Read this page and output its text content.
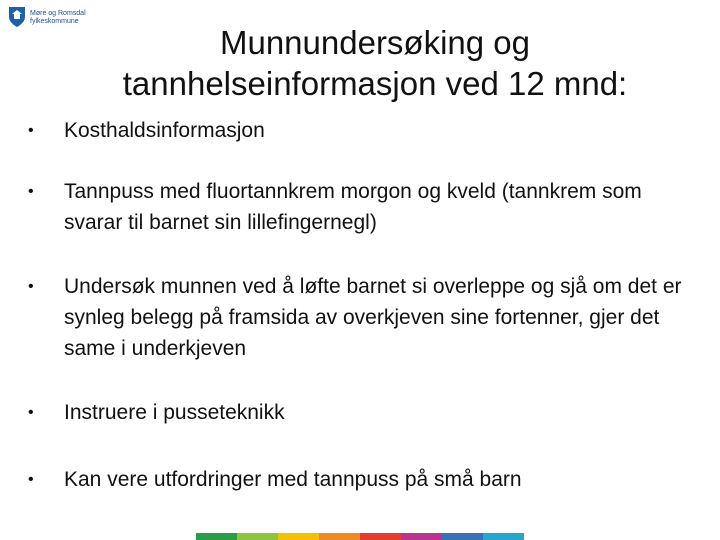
Møre og Romsdal
fylkeskommune
Munnundersøking og
tannhelseinformasjon ved 12 mnd:
• Kosthaldsinformasjon
• Tannpuss med fluortannkrem morgon og kveld (tannkrem som svarar til barnet sin lillefingernegl)
• Undersøk munnen ved å løfte barnet si overleppe og sjå om det er synleg belegg på framsida av overkjeven sine fortenner, gjer det same i underkjeven
• Instruere i pusseteknikk
• Kan vere utfordringer med tannpuss på små barn
